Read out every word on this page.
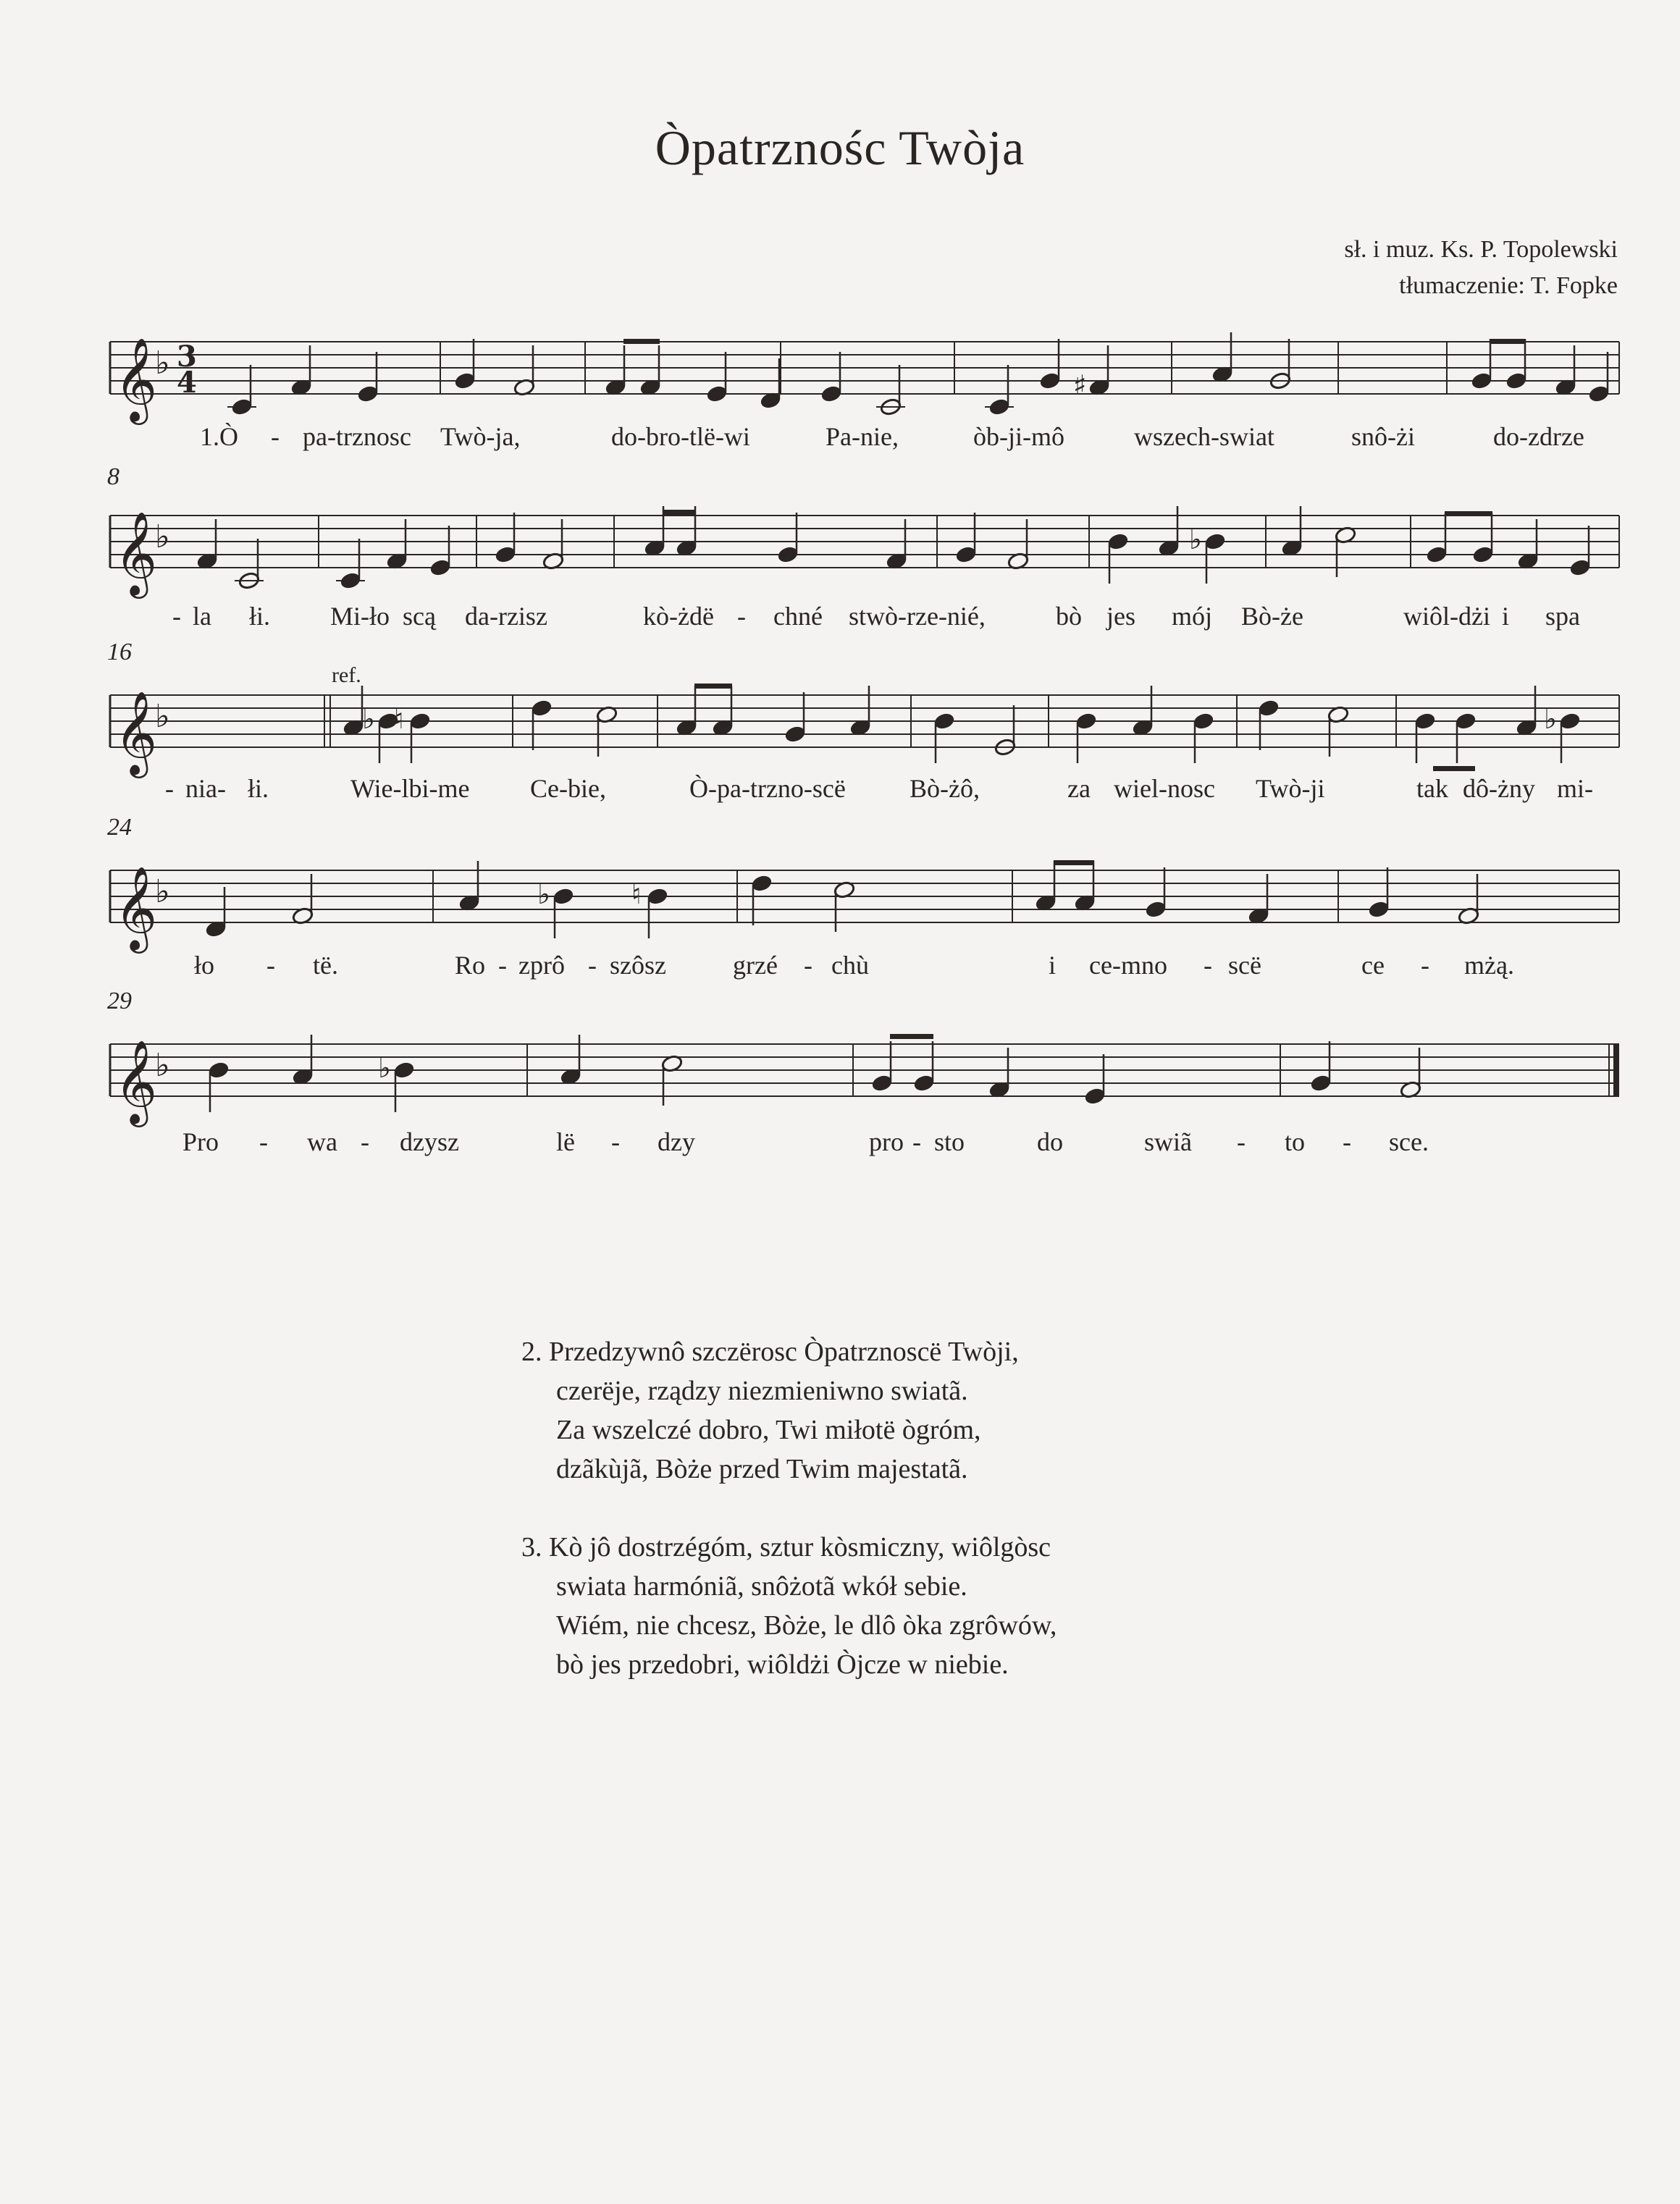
Òpatrznośc Twòja
sł. i muz. Ks. P. Topolewski
tłumaczenie: T. Fopke
𝄞
♭ 3
4	♯
1.Ò - pa-trznosc Twò-ja,	do-bro-tlë-wi	Pa-nie,	òb-ji-mô	wszech-swiat	snô-żi	do-zdrze
8
𝄞
♭	♭
- la łi. Mi-ło scą da-rzisz	kò-żdë - chné stwò-rze-nié,	bò jes mój Bò-że	wiôl-dżi i spa
16
ref.
𝄞
♭	♭ ♮	♭
- nia- łi.	Wie-lbi-me Ce-bie,	Ò-pa-trzno-scë Bò-żô,	za wiel-nosc Twò-ji	tak dô-żny mi-
24
𝄞
♭	♭	♮
ło - të.	Ro - zprô - szôsz	grzé - chù	i ce-mno - scë	ce - mżą.
29
𝄞
♭	♭
Pro - wa - dzysz	lë - dzy	pro - sto	do	swiã - to - sce.
2. Przedzywnô szczërosc Òpatrznoscë Twòji,
czerëje, rządzy niezmieniwno swiatã.
Za wszelczé dobro, Twi miłotë ògróm,
dzãkùjã, Bòże przed Twim majestatã.
3. Kò jô dostrzégóm, sztur kòsmiczny, wiôlgòsc
swiata harmóniã, snôżotã wkół sebie.
Wiém, nie chcesz, Bòże, le dlô òka zgrôwów,
bò jes przedobri, wiôldżi Òjcze w niebie.
